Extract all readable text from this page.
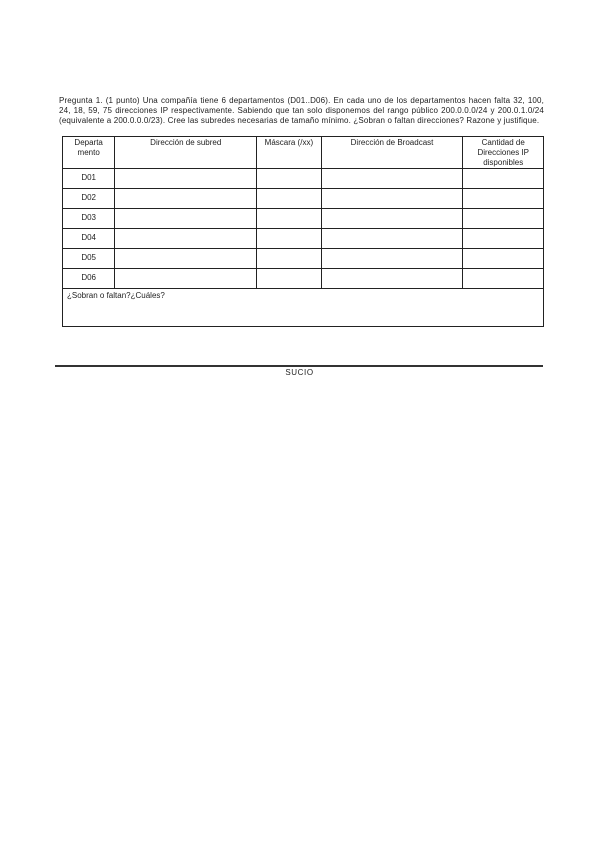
Pregunta 1. (1 punto) Una compañía tiene 6 departamentos (D01..D06). En cada uno de los departamentos hacen falta 32, 100, 24, 18, 59, 75 direcciones IP respectivamente. Sabiendo que tan solo disponemos del rango público 200.0.0.0/24 y 200.0.1.0/24 (equivalente a 200.0.0.0/23). Cree las subredes necesarias de tamaño mínimo. ¿Sobran o faltan direcciones? Razone y justifique.
Departa mento	Dirección de subred	Máscara (/xx)	Dirección de Broadcast	Cantidad de Direcciones IP disponibles
D01				
D02				
D03				
D04				
D05				
D06				
¿Sobran o faltan?¿Cuáles?				
SUCIO
